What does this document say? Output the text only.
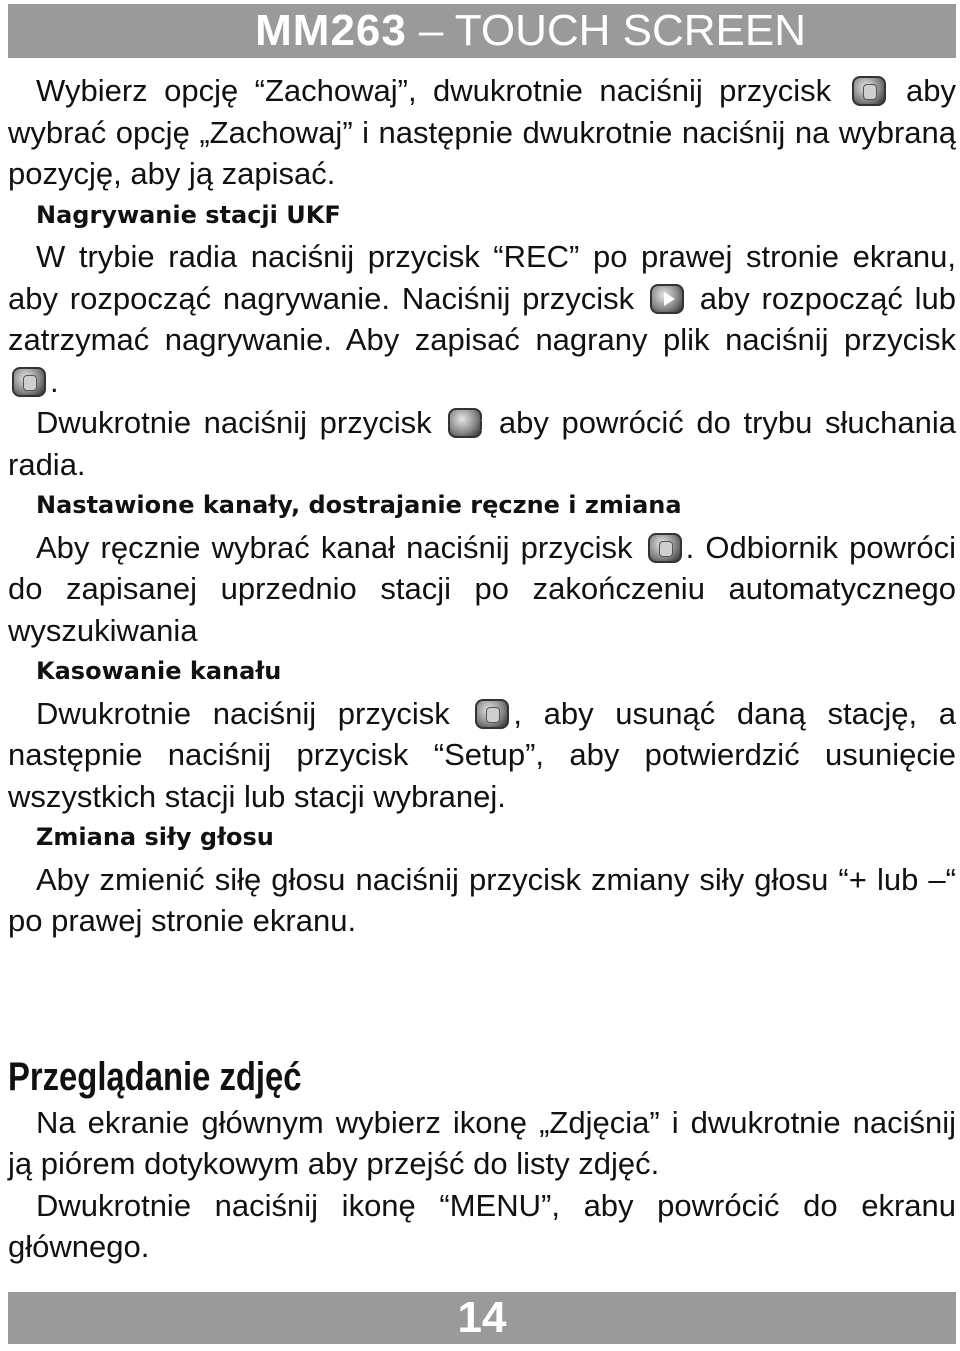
MM263 – TOUCH SCREEN

Wybierz opcję “Zachowaj”, dwukrotnie naciśnij przycisk aby wybrać opcję „Zachowaj” i następnie dwukrotnie naciśnij na wybraną pozycję, aby ją zapisać.

Nagrywanie stacji UKF

W trybie radia naciśnij przycisk “REC” po prawej stronie ekranu, aby rozpocząć nagrywanie. Naciśnij przycisk aby rozpocząć lub zatrzymać nagrywanie. Aby zapisać nagrany plik naciśnij przycisk .

Dwukrotnie naciśnij przycisk × aby powrócić do trybu słuchania radia.

Nastawione kanały, dostrajanie ręczne i zmiana

Aby ręcznie wybrać kanał naciśnij przycisk . Odbiornik powróci do zapisanej uprzednio stacji po zakończeniu automatycznego wyszukiwania

Kasowanie kanału

Dwukrotnie naciśnij przycisk , aby usunąć daną stację, a następnie naciśnij przycisk “Setup”, aby potwierdzić usunięcie wszystkich stacji lub stacji wybranej.

Zmiana siły głosu

Aby zmienić siłę głosu naciśnij przycisk zmiany siły głosu “+ lub –“ po prawej stronie ekranu.

Przeglądanie zdjęć

Na ekranie głównym wybierz ikonę „Zdjęcia” i dwukrotnie naciśnij ją piórem dotykowym aby przejść do listy zdjęć.

Dwukrotnie naciśnij ikonę “MENU”, aby powrócić do ekranu głównego.

14
